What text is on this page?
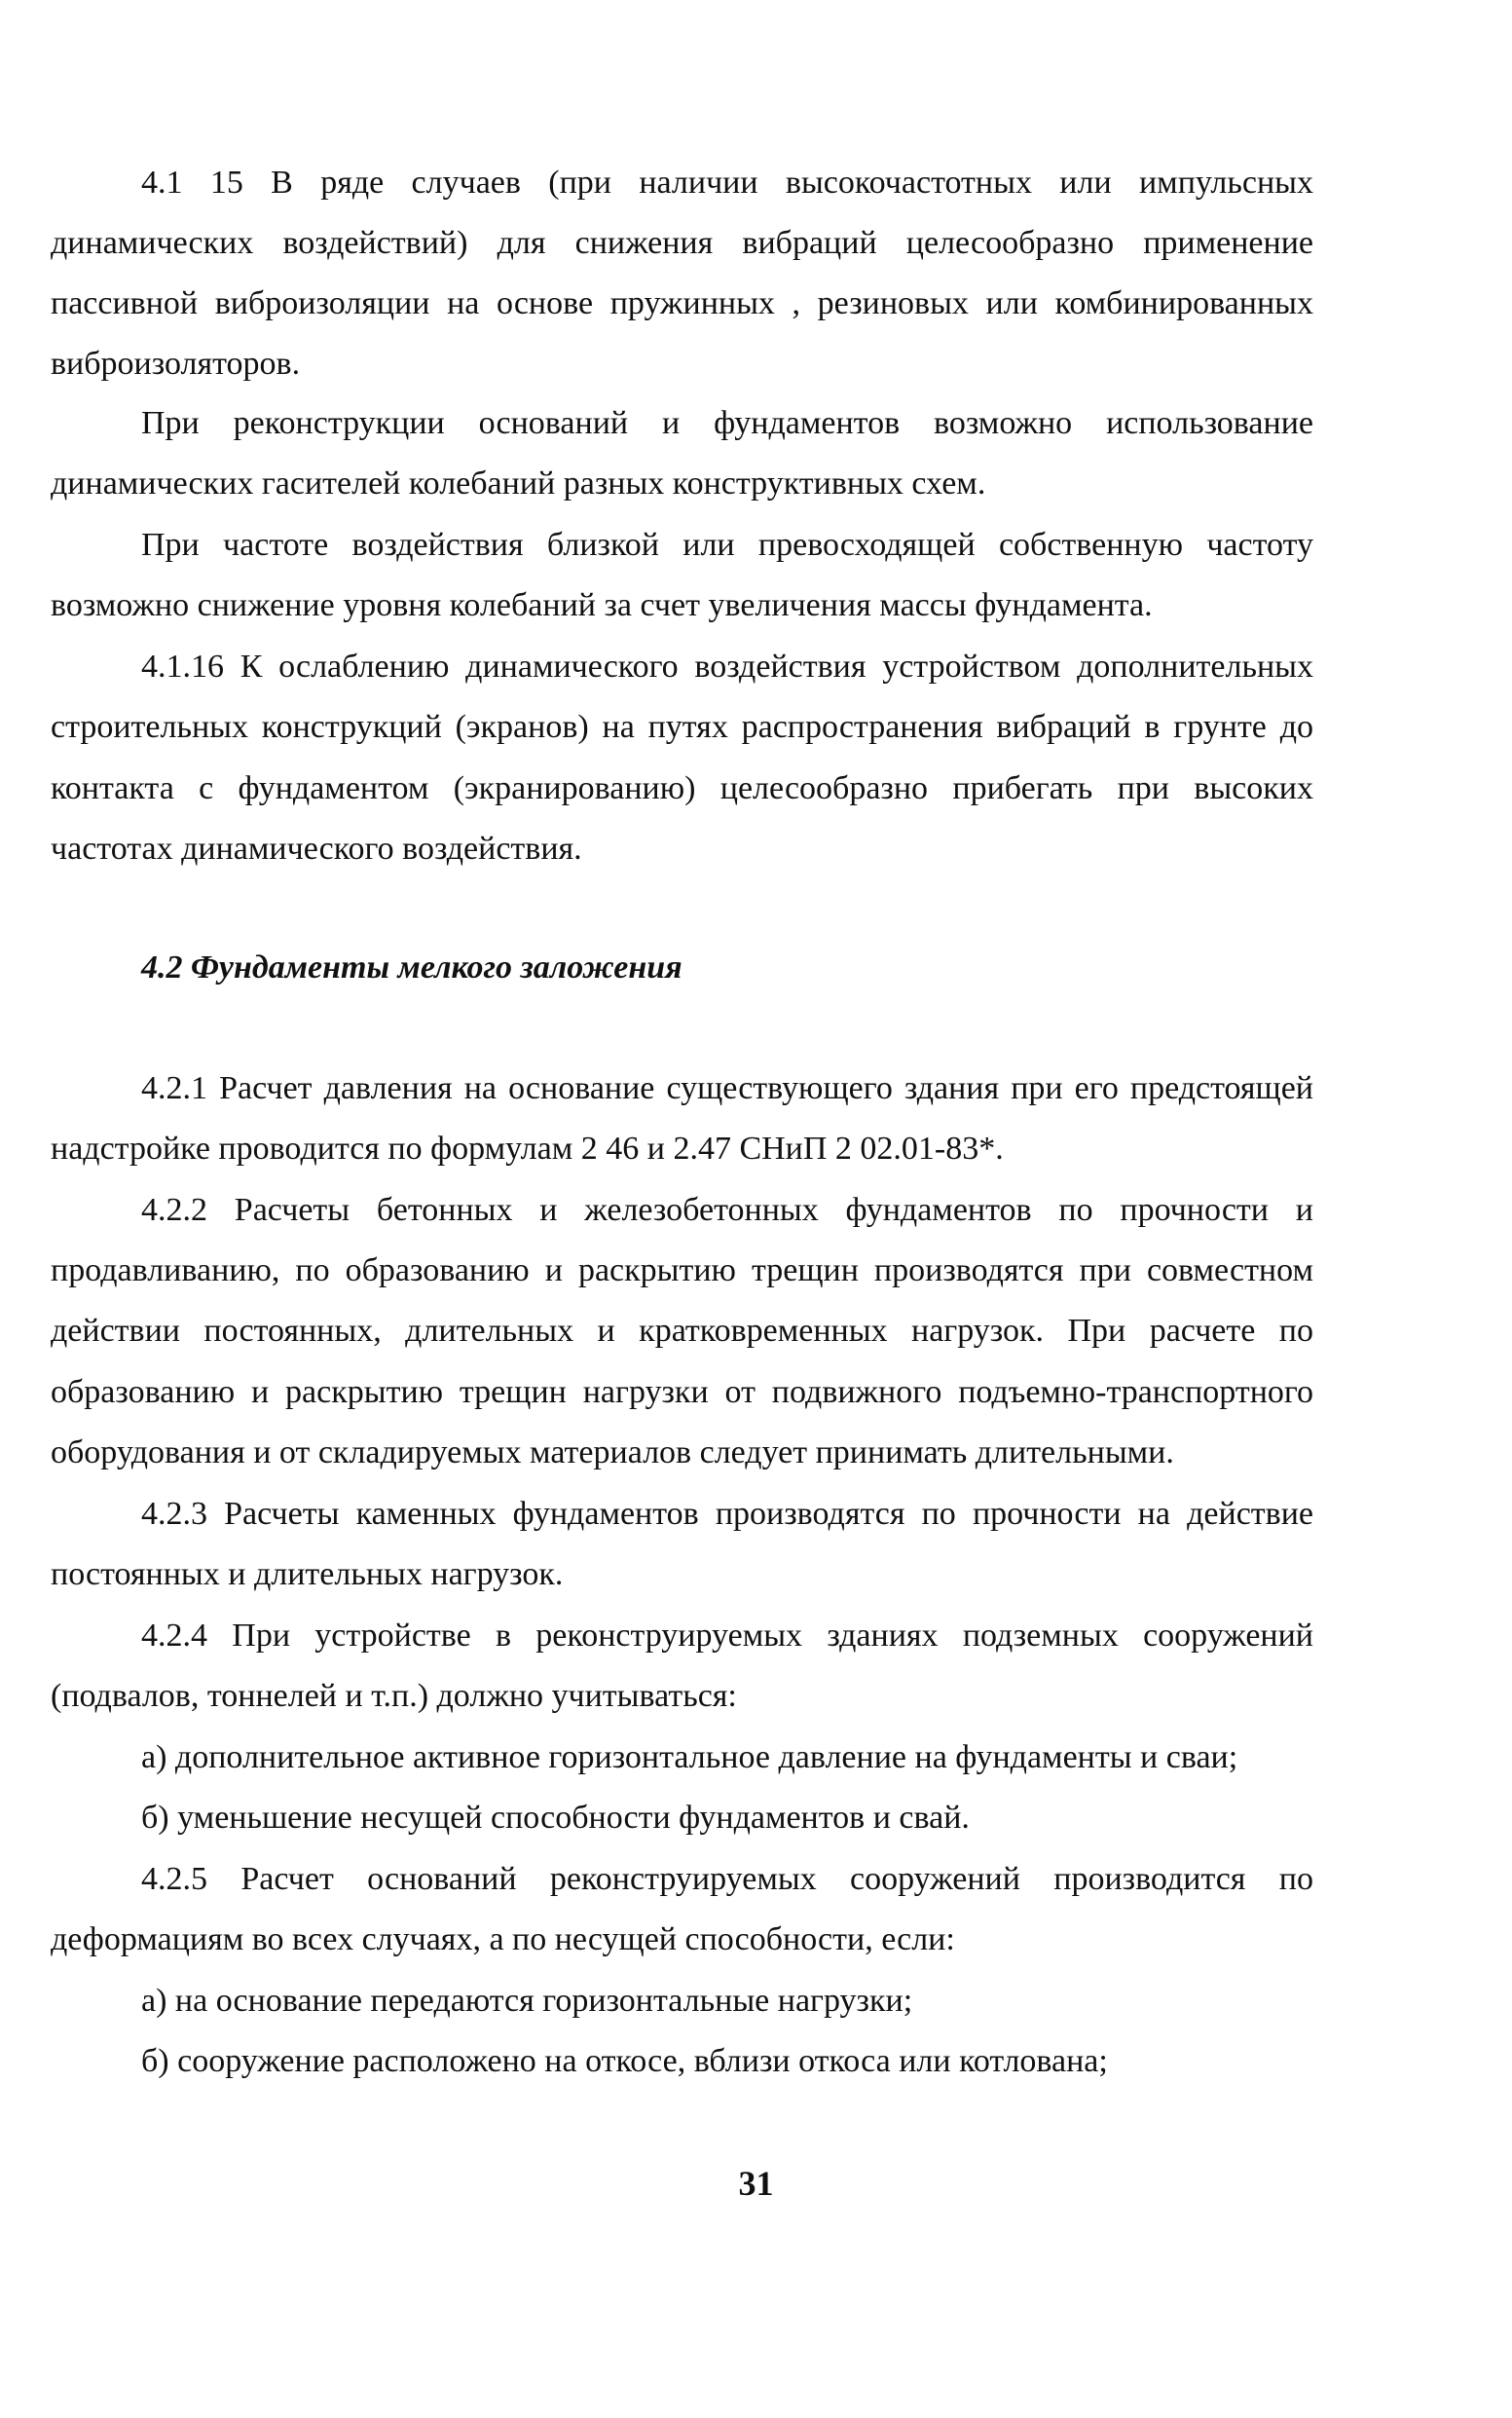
4.1 15 В ряде случаев (при наличии высокочастотных или импульсных
динамических воздействий) для снижения вибраций целесообразно применение
пассивной виброизоляции на основе пружинных , резиновых или комбинированных
виброизоляторов.
При реконструкции оснований и фундаментов возможно использование
динамических гасителей колебаний разных конструктивных схем.
При частоте воздействия близкой или превосходящей собственную частоту
возможно снижение уровня колебаний за счет увеличения массы фундамента.
4.1.16 К ослаблению динамического воздействия устройством дополнительных
строительных конструкций (экранов) на путях распространения вибраций в грунте до
контакта с фундаментом (экранированию) целесообразно прибегать при высоких
частотах динамического воздействия.
4.2 Фундаменты мелкого заложения
4.2.1 Расчет давления на основание существующего здания при его предстоящей
надстройке проводится по формулам 2 46 и 2.47 СНиП 2 02.01-83*.
4.2.2 Расчеты бетонных и железобетонных фундаментов по прочности и
продавливанию, по образованию и раскрытию трещин производятся при совместном
действии постоянных, длительных и кратковременных нагрузок. При расчете по
образованию и раскрытию трещин нагрузки от подвижного подъемно-транспортного
оборудования и от складируемых материалов следует принимать длительными.
4.2.3 Расчеты каменных фундаментов производятся по прочности на действие
постоянных и длительных нагрузок.
4.2.4 При устройстве в реконструируемых зданиях подземных сооружений
(подвалов, тоннелей и т.п.) должно учитываться:
а) дополнительное активное горизонтальное давление на фундаменты и сваи;
б) уменьшение несущей способности фундаментов и свай.
4.2.5 Расчет оснований реконструируемых сооружений производится по
деформациям во всех случаях, а по несущей способности, если:
а) на основание передаются горизонтальные нагрузки;
б) сооружение расположено на откосе, вблизи откоса или котлована;
31
